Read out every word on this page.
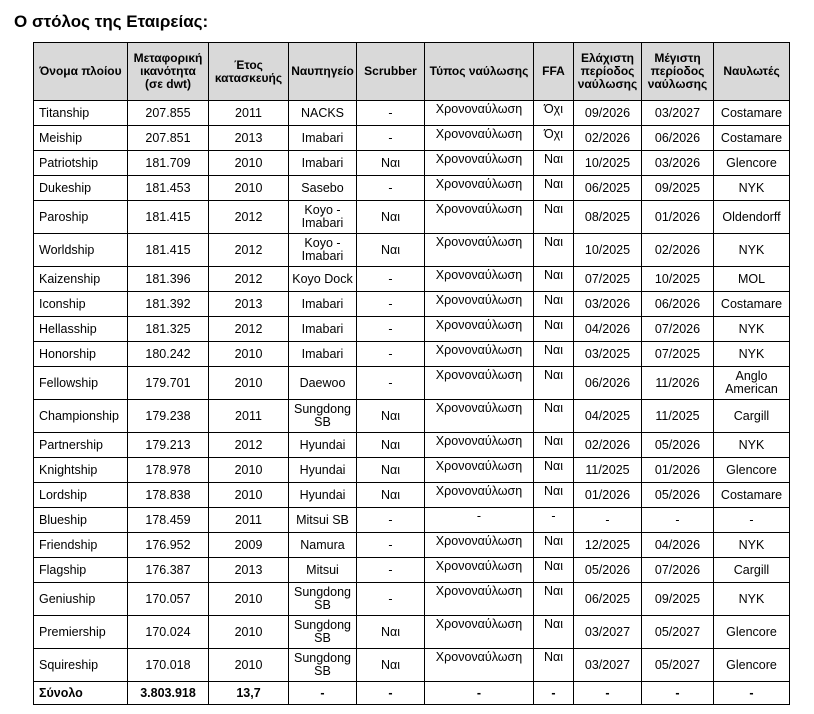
Ο στόλος της Εταιρείας:
Όνομα πλοίου	Μεταφορική ικανότητα (σε dwt)	Έτος κατασκευής	Ναυπηγείο	Scrubber	Τύπος ναύλωσης	FFA	Ελάχιστη περίοδος ναύλωσης	Μέγιστη περίοδος ναύλωσης	Ναυλωτές
Titanship	207.855	2011	NACKS	-	Χρονοναύλωση	Όχι	09/2026	03/2027	Costamare
Meiship	207.851	2013	Imabari	-	Χρονοναύλωση	Όχι	02/2026	06/2026	Costamare
Patriotship	181.709	2010	Imabari	Ναι	Χρονοναύλωση	Ναι	10/2025	03/2026	Glencore
Dukeship	181.453	2010	Sasebo	-	Χρονοναύλωση	Ναι	06/2025	09/2025	NYK
Paroship	181.415	2012	Koyo - Imabari	Ναι	Χρονοναύλωση	Ναι	08/2025	01/2026	Oldendorff
Worldship	181.415	2012	Koyo - Imabari	Ναι	Χρονοναύλωση	Ναι	10/2025	02/2026	NYK
Kaizenship	181.396	2012	Koyo Dock	-	Χρονοναύλωση	Ναι	07/2025	10/2025	MOL
Iconship	181.392	2013	Imabari	-	Χρονοναύλωση	Ναι	03/2026	06/2026	Costamare
Hellasship	181.325	2012	Imabari	-	Χρονοναύλωση	Ναι	04/2026	07/2026	NYK
Honorship	180.242	2010	Imabari	-	Χρονοναύλωση	Ναι	03/2025	07/2025	NYK
Fellowship	179.701	2010	Daewoo	-	Χρονοναύλωση	Ναι	06/2026	11/2026	Anglo American
Championship	179.238	2011	Sungdong SB	Ναι	Χρονοναύλωση	Ναι	04/2025	11/2025	Cargill
Partnership	179.213	2012	Hyundai	Ναι	Χρονοναύλωση	Ναι	02/2026	05/2026	NYK
Knightship	178.978	2010	Hyundai	Ναι	Χρονοναύλωση	Ναι	11/2025	01/2026	Glencore
Lordship	178.838	2010	Hyundai	Ναι	Χρονοναύλωση	Ναι	01/2026	05/2026	Costamare
Blueship	178.459	2011	Mitsui SB	-	-	-	-	-	-
Friendship	176.952	2009	Namura	-	Χρονοναύλωση	Ναι	12/2025	04/2026	NYK
Flagship	176.387	2013	Mitsui	-	Χρονοναύλωση	Ναι	05/2026	07/2026	Cargill
Geniuship	170.057	2010	Sungdong SB	-	Χρονοναύλωση	Ναι	06/2025	09/2025	NYK
Premiership	170.024	2010	Sungdong SB	Ναι	Χρονοναύλωση	Ναι	03/2027	05/2027	Glencore
Squireship	170.018	2010	Sungdong SB	Ναι	Χρονοναύλωση	Ναι	03/2027	05/2027	Glencore
Σύνολο	3.803.918	13,7	-	-	-	-	-	-	-
